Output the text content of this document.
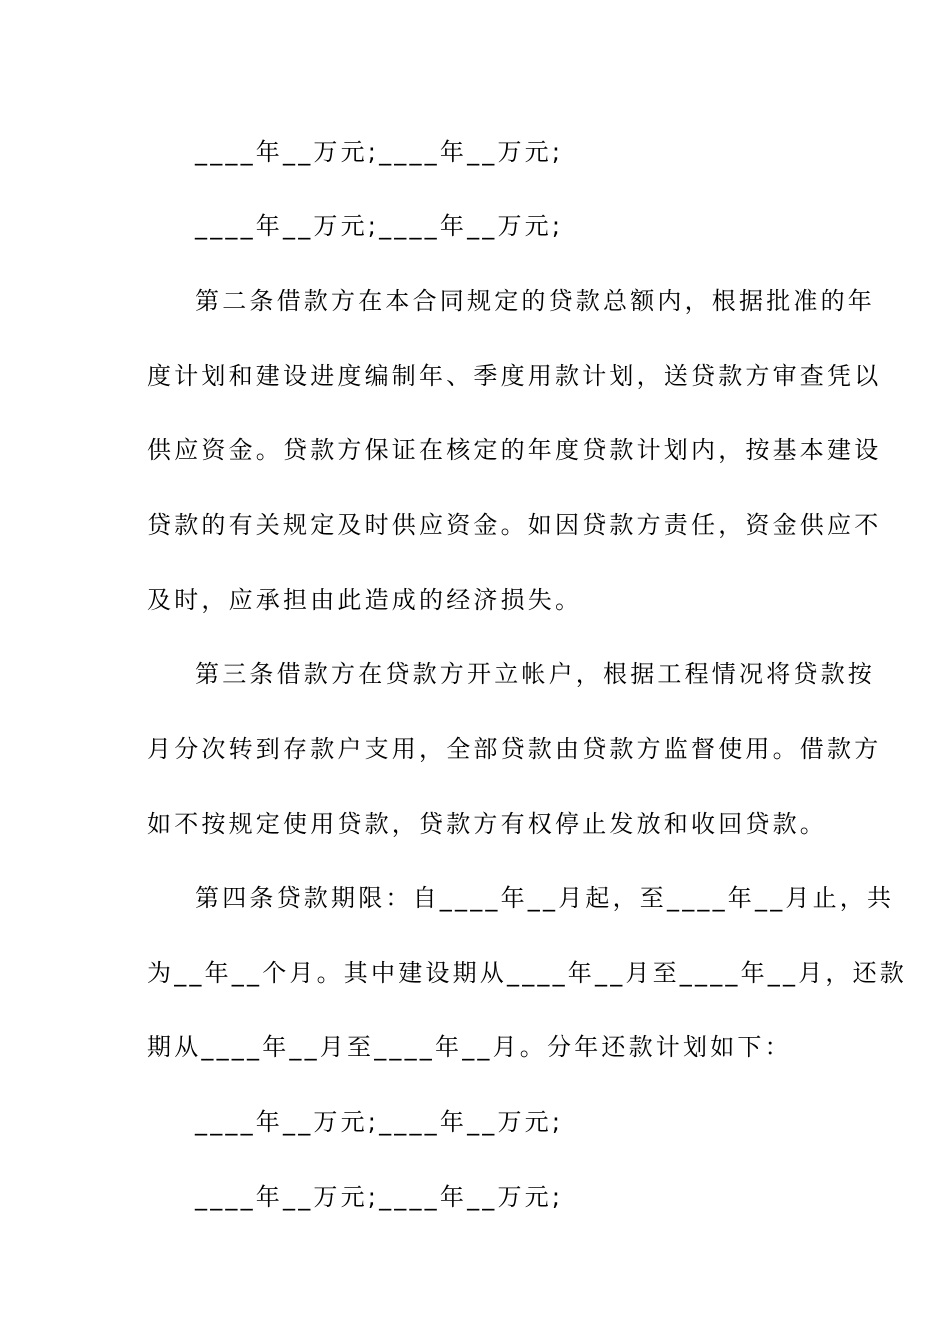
____年__万元;____年__万元;
____年__万元;____年__万元;
第二条借款方在本合同规定的贷款总额内，根据批准的年
度计划和建设进度编制年、季度用款计划，送贷款方审查凭以
供应资金。贷款方保证在核定的年度贷款计划内，按基本建设
贷款的有关规定及时供应资金。如因贷款方责任，资金供应不
及时，应承担由此造成的经济损失。
第三条借款方在贷款方开立帐户，根据工程情况将贷款按
月分次转到存款户支用，全部贷款由贷款方监督使用。借款方
如不按规定使用贷款，贷款方有权停止发放和收回贷款。
第四条贷款期限：自____年__月起，至____年__月止，共
为__年__个月。其中建设期从____年__月至____年__月，还款
期从____年__月至____年__月。分年还款计划如下：
____年__万元;____年__万元;
____年__万元;____年__万元;
